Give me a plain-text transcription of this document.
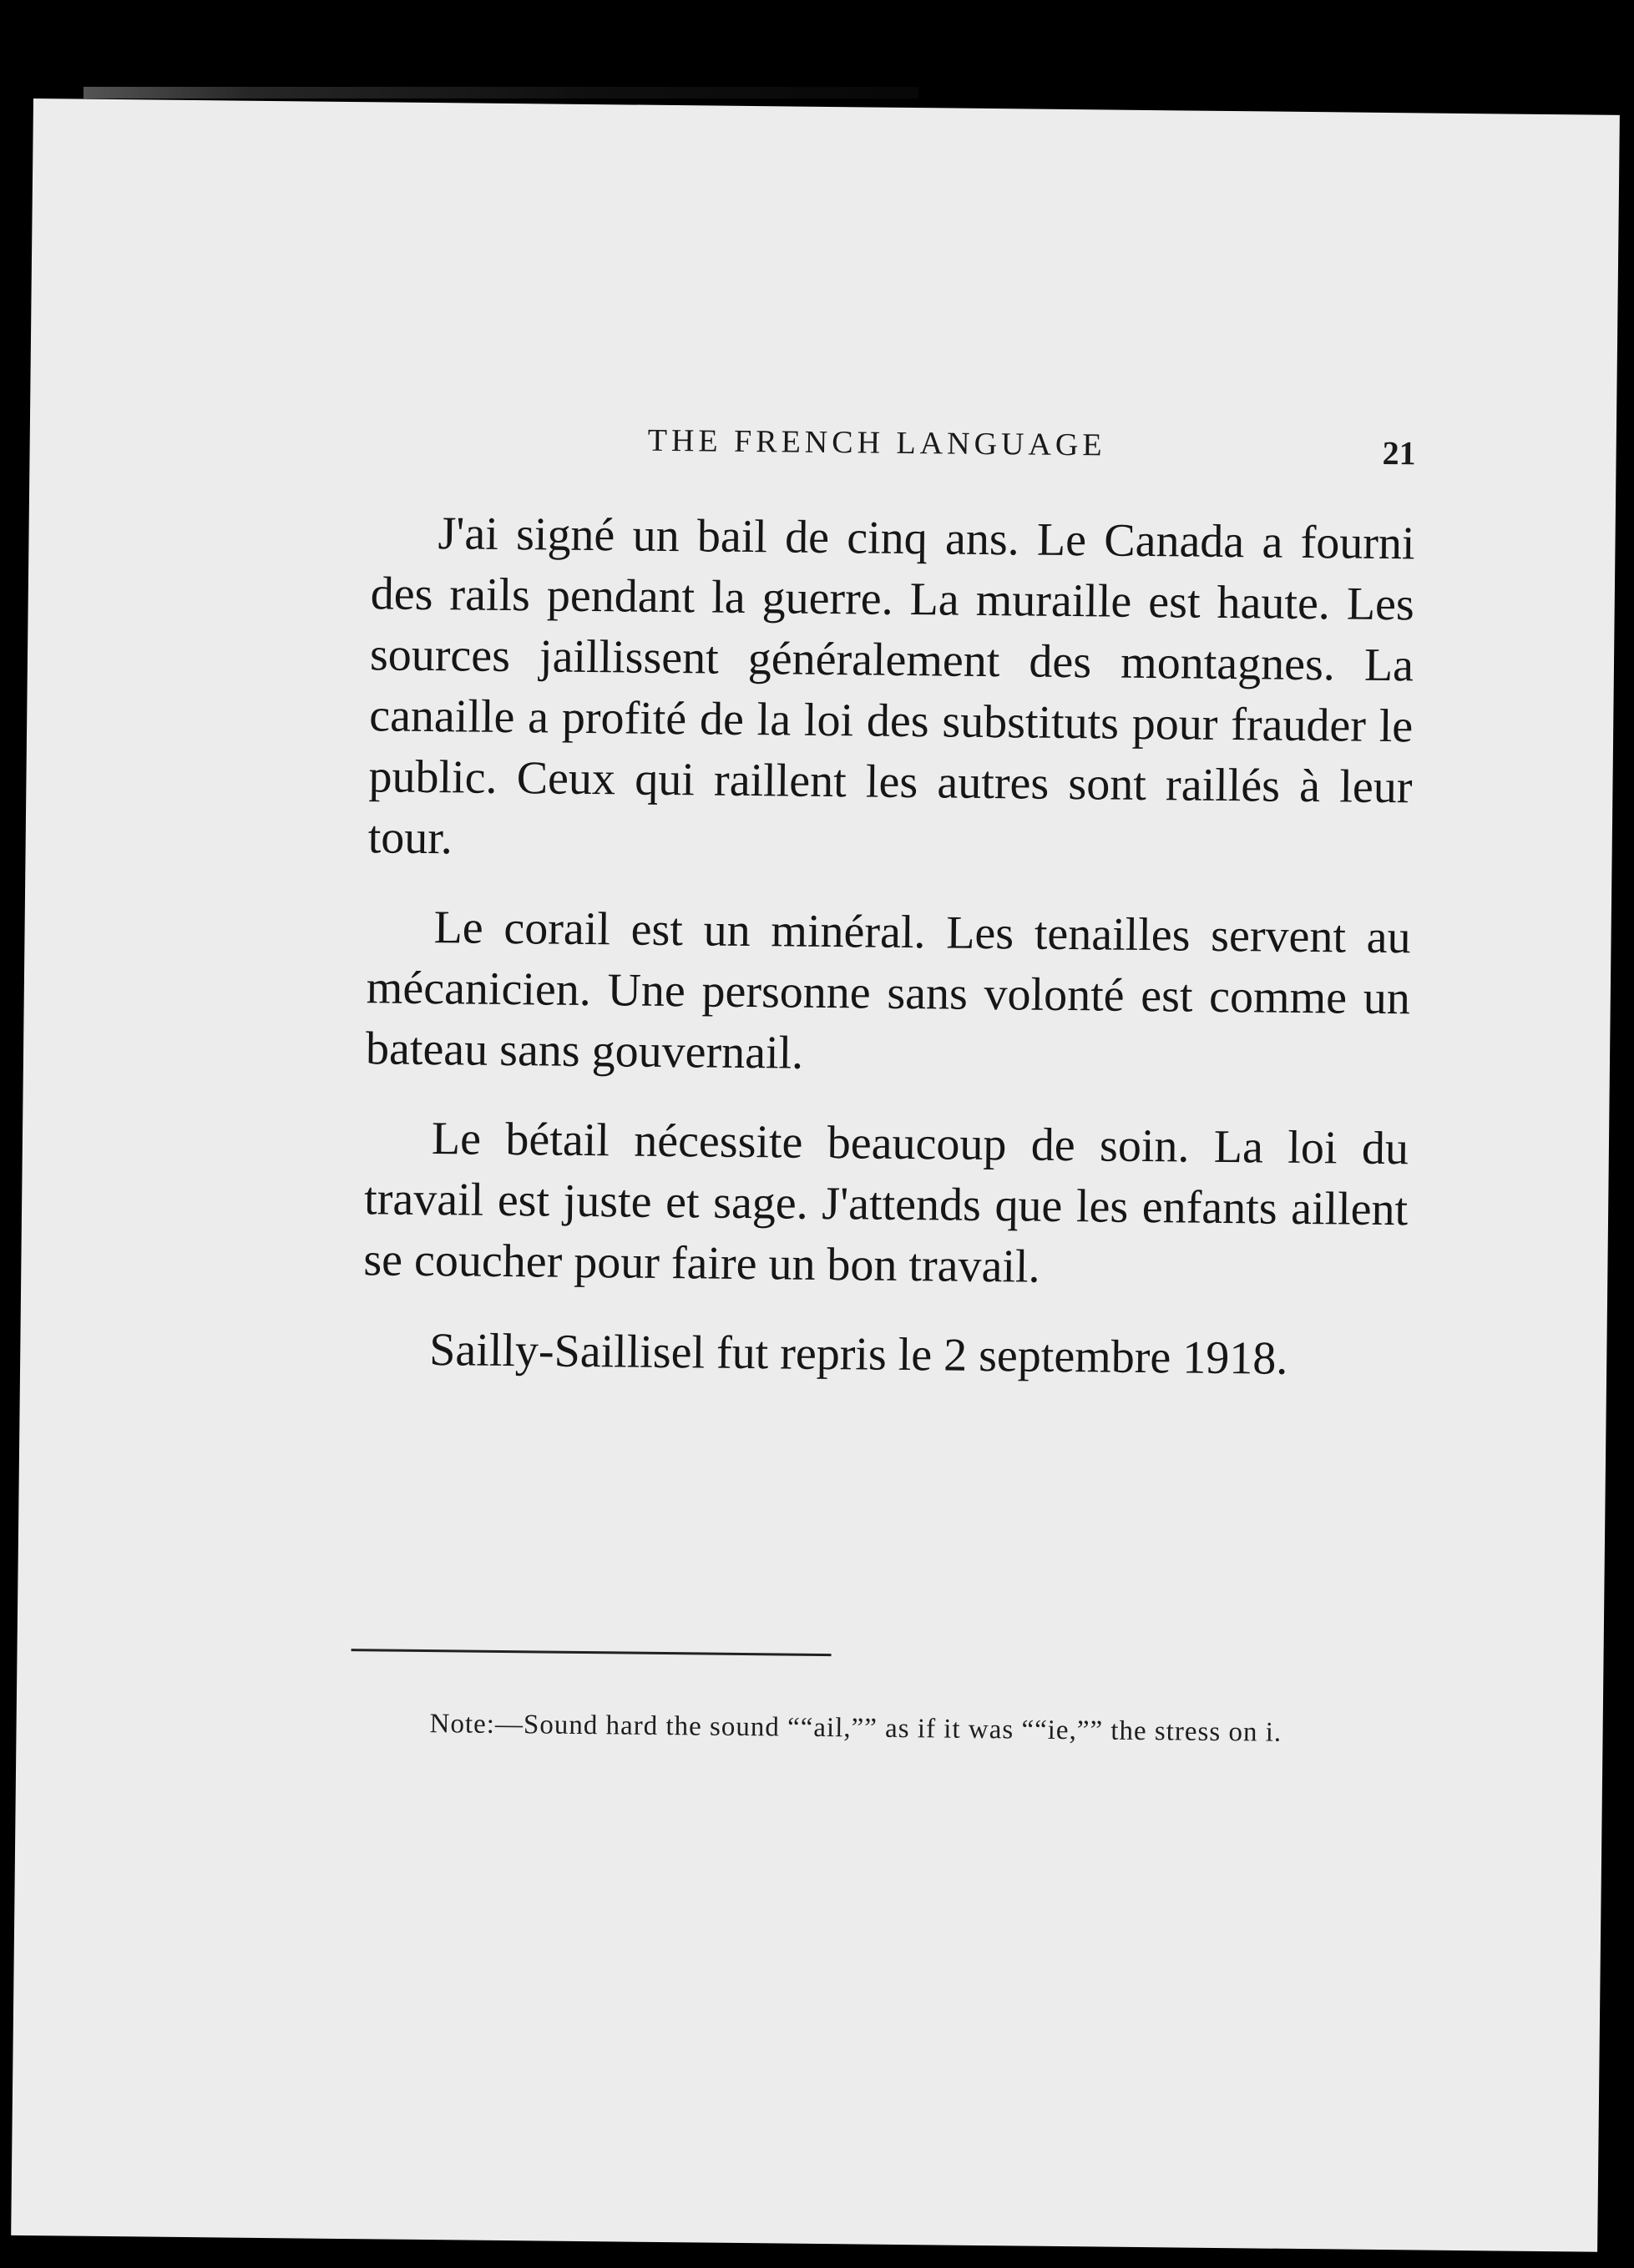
THE FRENCH LANGUAGE	21

J'ai signé un bail de cinq ans. Le Canada a fourni des rails pendant la guerre. La muraille est haute. Les sources jaillissent généralement des montagnes. La canaille a profité de la loi des substituts pour frauder le public. Ceux qui raillent les autres sont raillés à leur tour.

Le corail est un minéral. Les tenailles servent au mécanicien. Une personne sans volonté est comme un bateau sans gouvernail.

Le bétail nécessite beaucoup de soin. La loi du travail est juste et sage. J'attends que les enfants aillent se coucher pour faire un bon travail.

Sailly-Saillisel fut repris le 2 septembre 1918.

Note:—Sound hard the sound ““ail,”” as if it was ““ie,”” the stress on i.
